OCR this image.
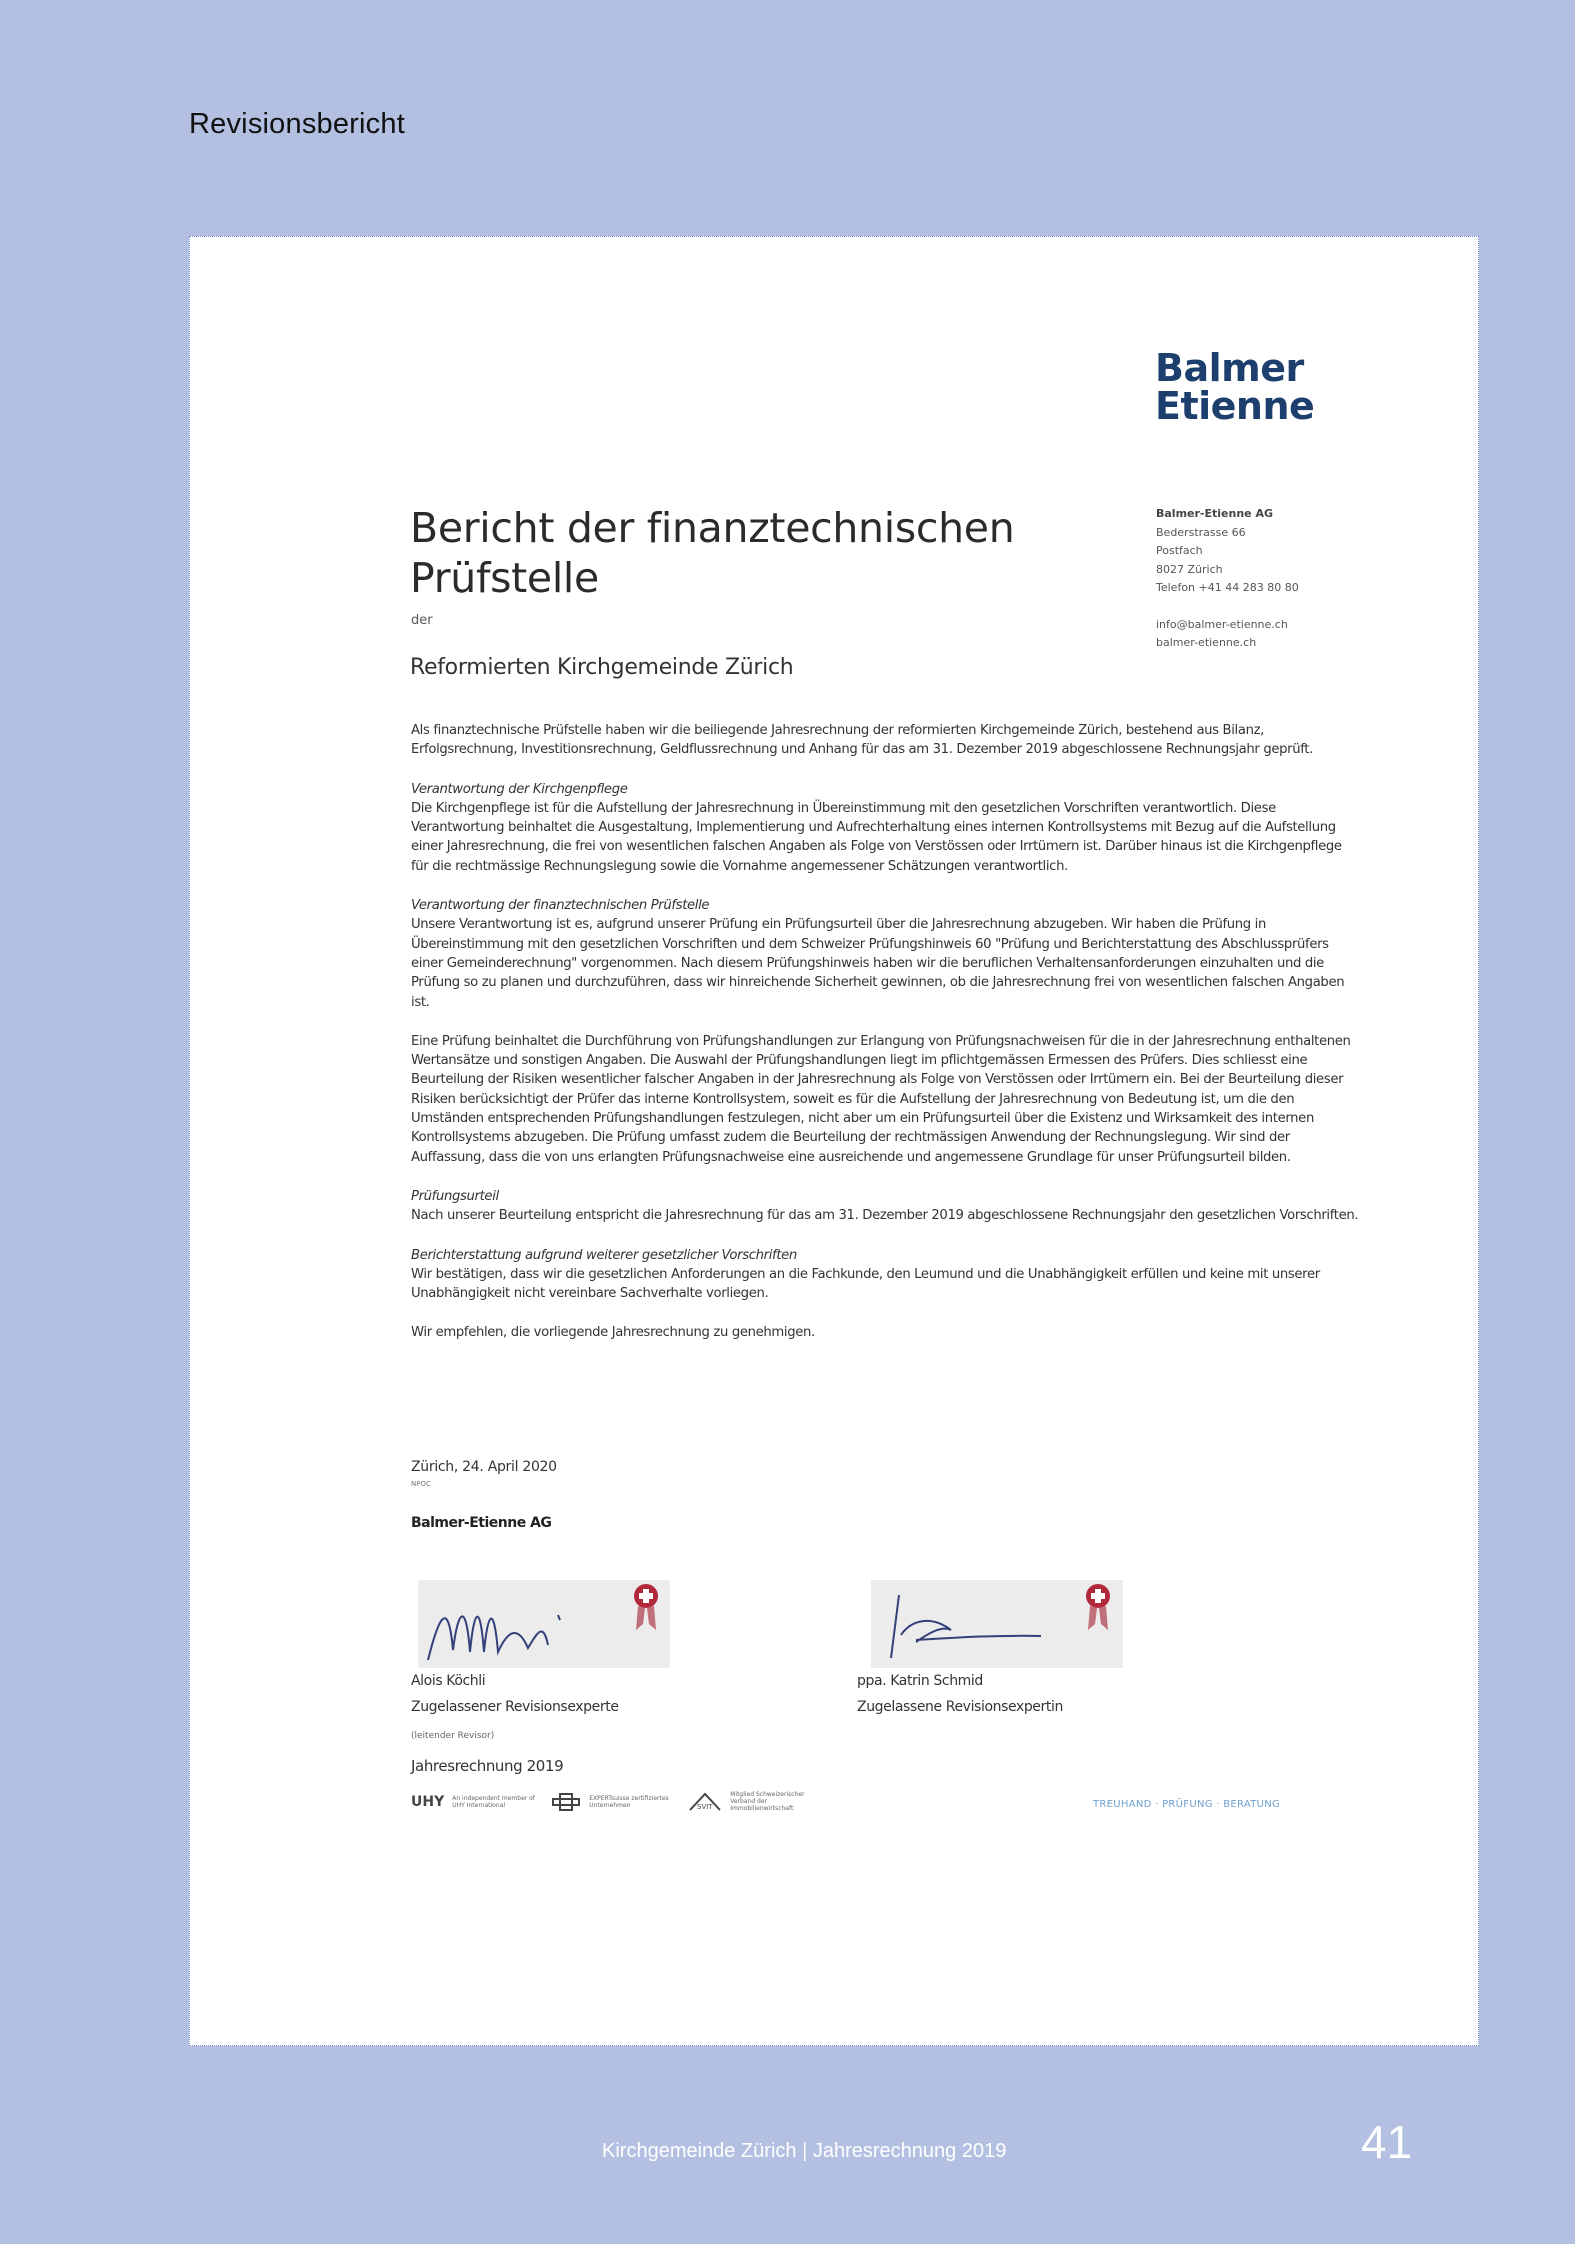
Revisionsbericht
Balmer
Etienne
Balmer-Etienne AG
Bederstrasse 66
Postfach
8027 Zürich
Telefon +41 44 283 80 80
info@balmer-etienne.ch
balmer-etienne.ch
Bericht der finanztechnischen
Prüfstelle
der
Reformierten Kirchgemeinde Zürich

Als finanztechnische Prüfstelle haben wir die beiliegende Jahresrechnung der reformierten Kirchgemeinde Zürich, bestehend aus Bilanz, Erfolgsrechnung, Investitionsrechnung, Geldflussrechnung und Anhang für das am 31. Dezember 2019 abgeschlossene Rechnungsjahr geprüft.

Verantwortung der Kirchgenpflege
Die Kirchgenpflege ist für die Aufstellung der Jahresrechnung in Übereinstimmung mit den gesetzlichen Vorschriften verantwortlich. Diese Verantwortung beinhaltet die Ausgestaltung, Implementierung und Aufrechterhaltung eines internen Kontrollsystems mit Bezug auf die Aufstellung einer Jahresrechnung, die frei von wesentlichen falschen Angaben als Folge von Verstössen oder Irrtümern ist. Darüber hinaus ist die Kirchgenpflege für die rechtmässige Rechnungslegung sowie die Vornahme angemessener Schätzungen verantwortlich.

Verantwortung der finanztechnischen Prüfstelle
Unsere Verantwortung ist es, aufgrund unserer Prüfung ein Prüfungsurteil über die Jahresrechnung abzugeben. Wir haben die Prüfung in Übereinstimmung mit den gesetzlichen Vorschriften und dem Schweizer Prüfungshinweis 60 "Prüfung und Berichterstattung des Abschlussprüfers einer Gemeinderechnung" vorgenommen. Nach diesem Prüfungshinweis haben wir die beruflichen Verhaltensanforderungen einzuhalten und die Prüfung so zu planen und durchzuführen, dass wir hinreichende Sicherheit gewinnen, ob die Jahresrechnung frei von wesentlichen falschen Angaben ist.

Eine Prüfung beinhaltet die Durchführung von Prüfungshandlungen zur Erlangung von Prüfungsnachweisen für die in der Jahresrechnung enthaltenen Wertansätze und sonstigen Angaben. Die Auswahl der Prüfungshandlungen liegt im pflichtgemässen Ermessen des Prüfers. Dies schliesst eine Beurteilung der Risiken wesentlicher falscher Angaben in der Jahresrechnung als Folge von Verstössen oder Irrtümern ein. Bei der Beurteilung dieser Risiken berücksichtigt der Prüfer das interne Kontrollsystem, soweit es für die Aufstellung der Jahresrechnung von Bedeutung ist, um die den Umständen entsprechenden Prüfungshandlungen festzulegen, nicht aber um ein Prüfungsurteil über die Existenz und Wirksamkeit des internen Kontrollsystems abzugeben. Die Prüfung umfasst zudem die Beurteilung der rechtmässigen Anwendung der Rechnungslegung. Wir sind der Auffassung, dass die von uns erlangten Prüfungsnachweise eine ausreichende und angemessene Grundlage für unser Prüfungsurteil bilden.

Prüfungsurteil
Nach unserer Beurteilung entspricht die Jahresrechnung für das am 31. Dezember 2019 abgeschlossene Rechnungsjahr den gesetzlichen Vorschriften.

Berichterstattung aufgrund weiterer gesetzlicher Vorschriften
Wir bestätigen, dass wir die gesetzlichen Anforderungen an die Fachkunde, den Leumund und die Unabhängigkeit erfüllen und keine mit unserer Unabhängigkeit nicht vereinbare Sachverhalte vorliegen.

Wir empfehlen, die vorliegende Jahresrechnung zu genehmigen.

Zürich, 24. April 2020
NPOC
Balmer-Etienne AG
Alois Köchli
Zugelassener Revisionsexperte
(leitender Revisor)
ppa. Katrin Schmid
Zugelassene Revisionsexpertin
Jahresrechnung 2019
UHY An independent member of UHY International
EXPERTsuisse zertifiziertes Unternehmen	SVIT
Mitglied Schweizerischer Verband der Immobilienwirtschaft	TREUHAND · PRÜFUNG · BERATUNG
Kirchgemeinde Zürich | Jahresrechnung 2019	41
